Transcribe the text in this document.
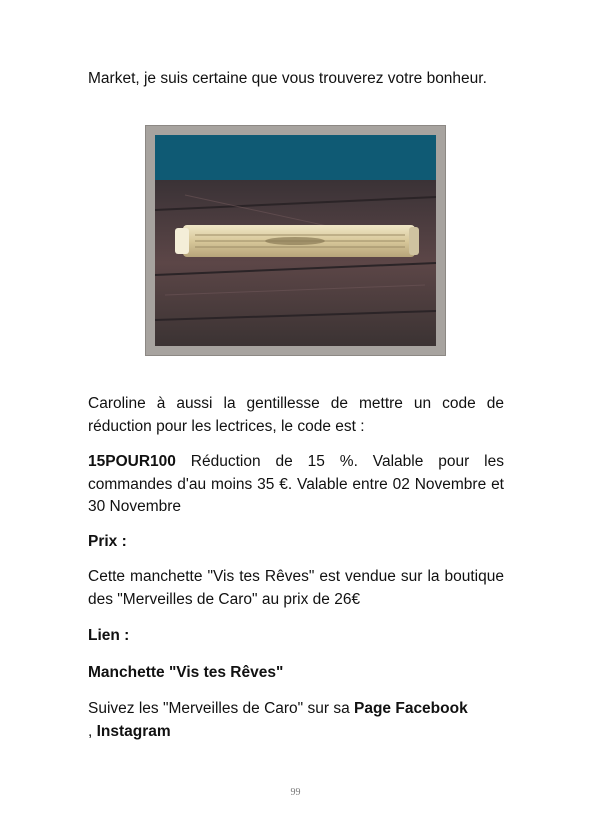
Market, je suis certaine que vous trouverez votre bonheur.

Caroline à aussi la gentillesse de mettre un code de réduction pour les lectrices, le code est :

15POUR100 Réduction de 15 %. Valable pour les commandes d'au moins 35 €. Valable entre 02 Novembre et 30 Novembre

Prix :

Cette manchette "Vis tes Rêves" est vendue sur la boutique des "Merveilles de Caro" au prix de 26€

Lien :

Manchette "Vis tes Rêves"

Suivez les "Merveilles de Caro" sur sa Page Facebook
, Instagram

99
